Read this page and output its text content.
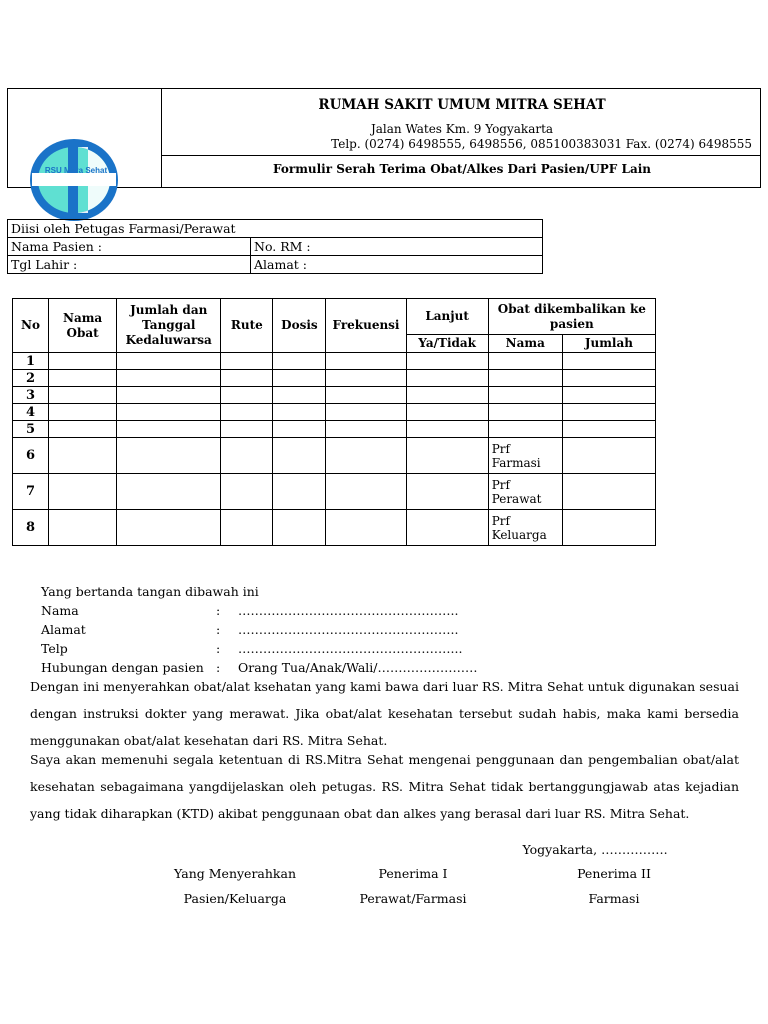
RSU Mitra Sehat
RUMAH SAKIT UMUM MITRA SEHAT
Jalan Wates Km. 9 Yogyakarta
Telp. (0274) 6498555, 6498556, 085100383031 Fax. (0274) 6498555
Formulir Serah Terima Obat/Alkes Dari Pasien/UPF Lain
Diisi oleh Petugas Farmasi/Perawat	
Nama Pasien :	No. RM :
Tgl Lahir :	Alamat :
No	Nama Obat	Jumlah dan Tanggal Kedaluwarsa	Rute	Dosis	Frekuensi	Lanjut	Obat dikembalikan ke pasien	
						Ya/Tidak	Nama	Jumlah
1								
2								
3								
4								
5								
6							Prf Farmasi	
7							Prf Perawat	
8							Prf Keluarga	
Yang bertanda tangan dibawah ini
Nama	: ……………………………………………..
Alamat	: ……………………………………………..
Telp	: ……………………………………………...
Hubungan dengan pasien : Orang Tua/Anak/Wali/……………………
Dengan ini menyerahkan obat/alat ksehatan yang kami bawa dari luar RS. Mitra Sehat untuk digunakan sesuai dengan instruksi dokter yang merawat. Jika obat/alat kesehatan tersebut sudah habis, maka kami bersedia menggunakan obat/alat kesehatan dari RS. Mitra Sehat.
Saya akan memenuhi segala ketentuan di RS.Mitra Sehat mengenai penggunaan dan pengembalian obat/alat kesehatan sebagaimana yangdijelaskan oleh petugas. RS. Mitra Sehat tidak bertanggungjawab atas kejadian yang tidak diharapkan (KTD) akibat penggunaan obat dan alkes yang berasal dari luar RS. Mitra Sehat.
Yogyakarta, …………….
Yang Menyerahkan
Pasien/Keluarga
Penerima I
Perawat/Farmasi
Penerima II
Farmasi
